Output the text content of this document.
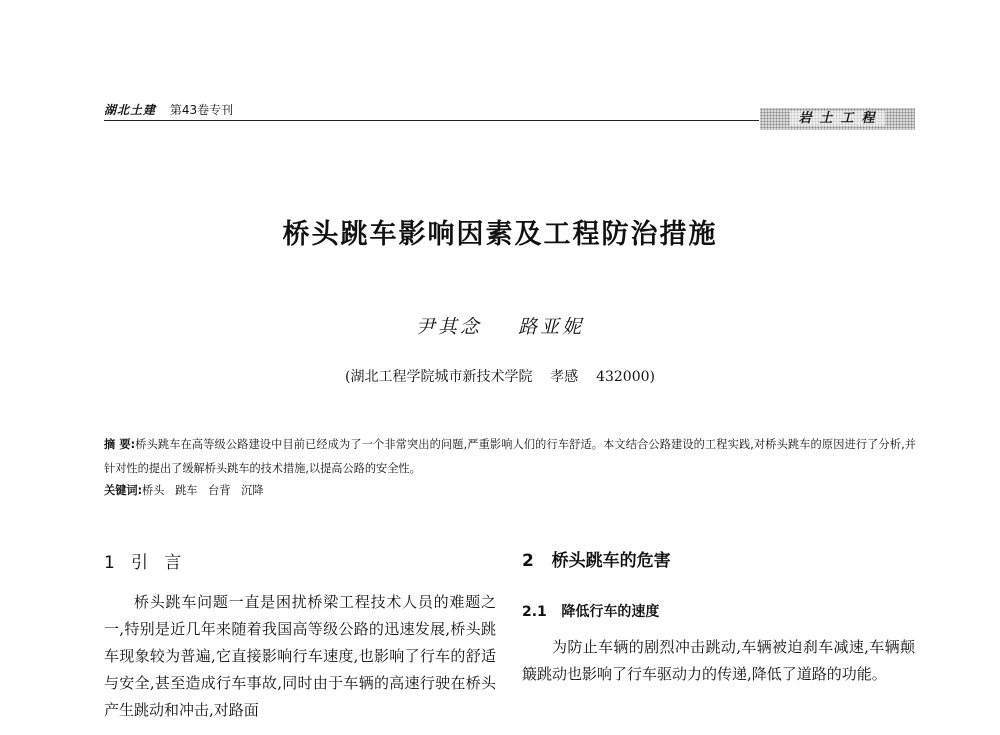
湖北土建 第43卷专刊
岩土工程
桥头跳车影响因素及工程防治措施
尹其念    路亚妮
(湖北工程学院城市新技术学院    孝感    432000)
摘 要:桥头跳车在高等级公路建设中目前已经成为了一个非常突出的问题,严重影响人们的行车舒适。本文结合公路建设的工程实践,对桥头跳车的原因进行了分析,并针对性的提出了缓解桥头跳车的技术措施,以提高公路的安全性。
关键词:桥头   跳车   台背   沉降
1   引   言
桥头跳车问题一直是困扰桥梁工程技术人员的难题之一,特别是近几年来随着我国高等级公路的迅速发展,桥头跳车现象较为普遍,它直接影响行车速度,也影响了行车的舒适与安全,甚至造成行车事故,同时由于车辆的高速行驶在桥头产生跳动和冲击,对路面
2   桥头跳车的危害
2.1   降低行车的速度
为防止车辆的剧烈冲击跳动,车辆被迫刹车减速,车辆颠簸跳动也影响了行车驱动力的传递,降低了道路的功能。
